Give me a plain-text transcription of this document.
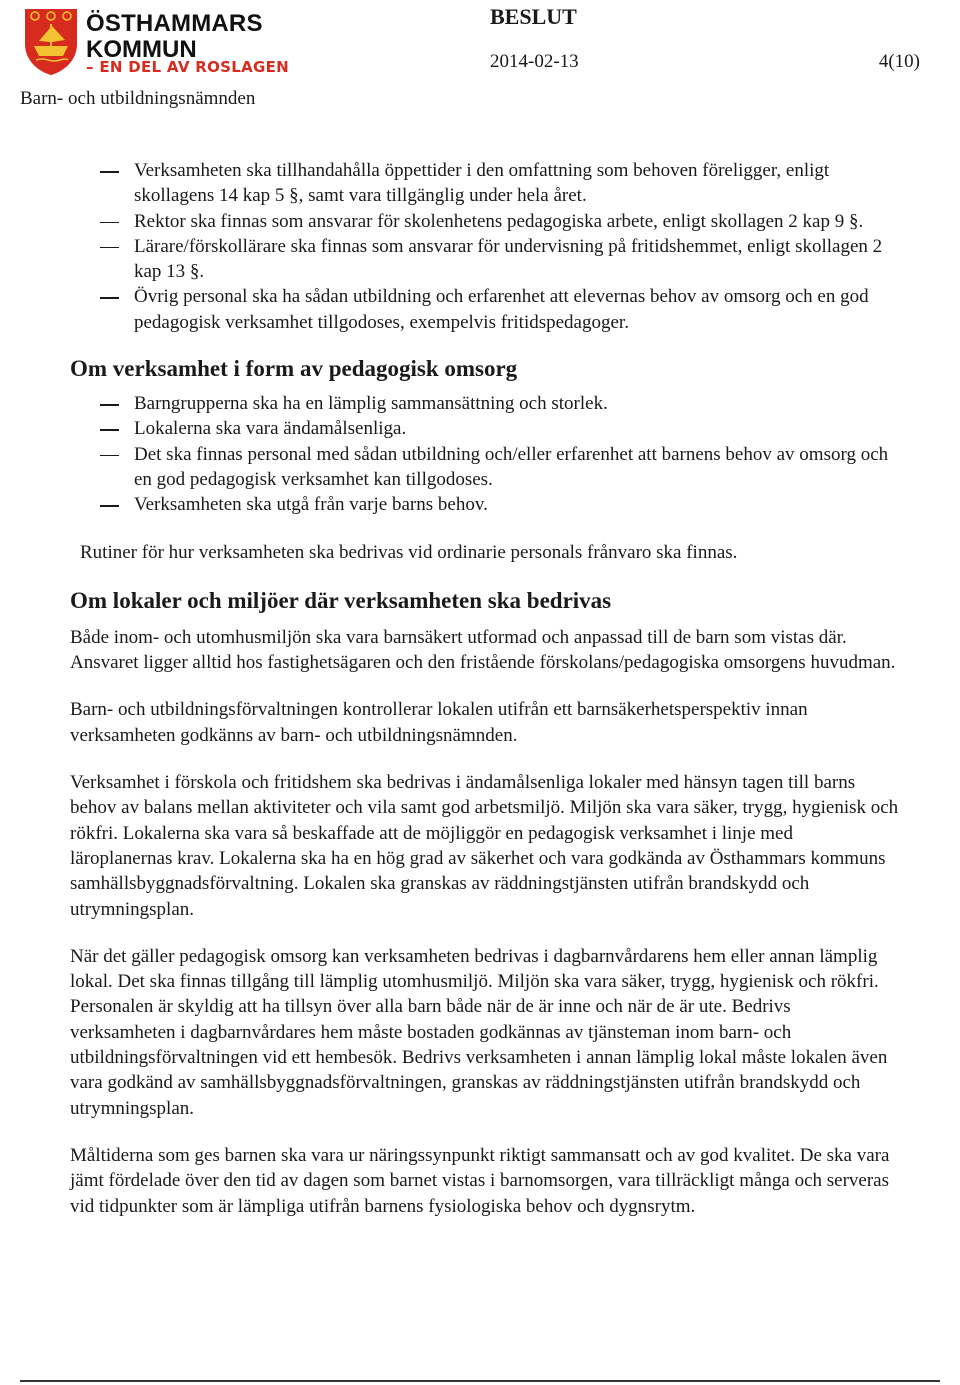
ÖSTHAMMARS
KOMMUN
– EN DEL AV ROSLAGEN
BESLUT
2014-02-13	4(10)
Barn- och utbildningsnämnden
Verksamheten ska tillhandahålla öppettider i den omfattning som behoven föreligger, enligt skollagens 14 kap 5 §, samt vara tillgänglig under hela året.
Rektor ska finnas som ansvarar för skolenhetens pedagogiska arbete, enligt skollagen 2 kap 9 §.
Lärare/förskollärare ska finnas som ansvarar för undervisning på fritidshemmet, enligt skollagen 2 kap 13 §.
Övrig personal ska ha sådan utbildning och erfarenhet att elevernas behov av omsorg och en god pedagogisk verksamhet tillgodoses, exempelvis fritidspedagoger.
Om verksamhet i form av pedagogisk omsorg
Barngrupperna ska ha en lämplig sammansättning och storlek.
Lokalerna ska vara ändamålsenliga.
Det ska finnas personal med sådan utbildning och/eller erfarenhet att barnens behov av omsorg och en god pedagogisk verksamhet kan tillgodoses.
Verksamheten ska utgå från varje barns behov.

Rutiner för hur verksamheten ska bedrivas vid ordinarie personals frånvaro ska finnas.

Om lokaler och miljöer där verksamheten ska bedrivas

Både inom- och utomhusmiljön ska vara barnsäkert utformad och anpassad till de barn som vistas där. Ansvaret ligger alltid hos fastighetsägaren och den fristående förskolans/pedagogiska omsorgens huvudman.

Barn- och utbildningsförvaltningen kontrollerar lokalen utifrån ett barnsäkerhetsperspektiv innan verksamheten godkänns av barn- och utbildningsnämnden.

Verksamhet i förskola och fritidshem ska bedrivas i ändamålsenliga lokaler med hänsyn tagen till barns behov av balans mellan aktiviteter och vila samt god arbetsmiljö. Miljön ska vara säker, trygg, hygienisk och rökfri. Lokalerna ska vara så beskaffade att de möjliggör en pedagogisk verksamhet i linje med läroplanernas krav. Lokalerna ska ha en hög grad av säkerhet och vara godkända av Östhammars kommuns samhällsbyggnadsförvaltning. Lokalen ska granskas av räddningstjänsten utifrån brandskydd och utrymningsplan.

När det gäller pedagogisk omsorg kan verksamheten bedrivas i dagbarnvårdarens hem eller annan lämplig lokal. Det ska finnas tillgång till lämplig utomhusmiljö. Miljön ska vara säker, trygg, hygienisk och rökfri. Personalen är skyldig att ha tillsyn över alla barn både när de är inne och när de är ute. Bedrivs verksamheten i dagbarnvårdares hem måste bostaden godkännas av tjänsteman inom barn- och utbildningsförvaltningen vid ett hembesök. Bedrivs verksamheten i annan lämplig lokal måste lokalen även vara godkänd av samhällsbyggnadsförvaltningen, granskas av räddningstjänsten utifrån brandskydd och utrymningsplan.

Måltiderna som ges barnen ska vara ur näringssynpunkt riktigt sammansatt och av god kvalitet. De ska vara jämt fördelade över den tid av dagen som barnet vistas i barnomsorgen, vara tillräckligt många och serveras vid tidpunkter som är lämpliga utifrån barnens fysiologiska behov och dygnsrytm.
